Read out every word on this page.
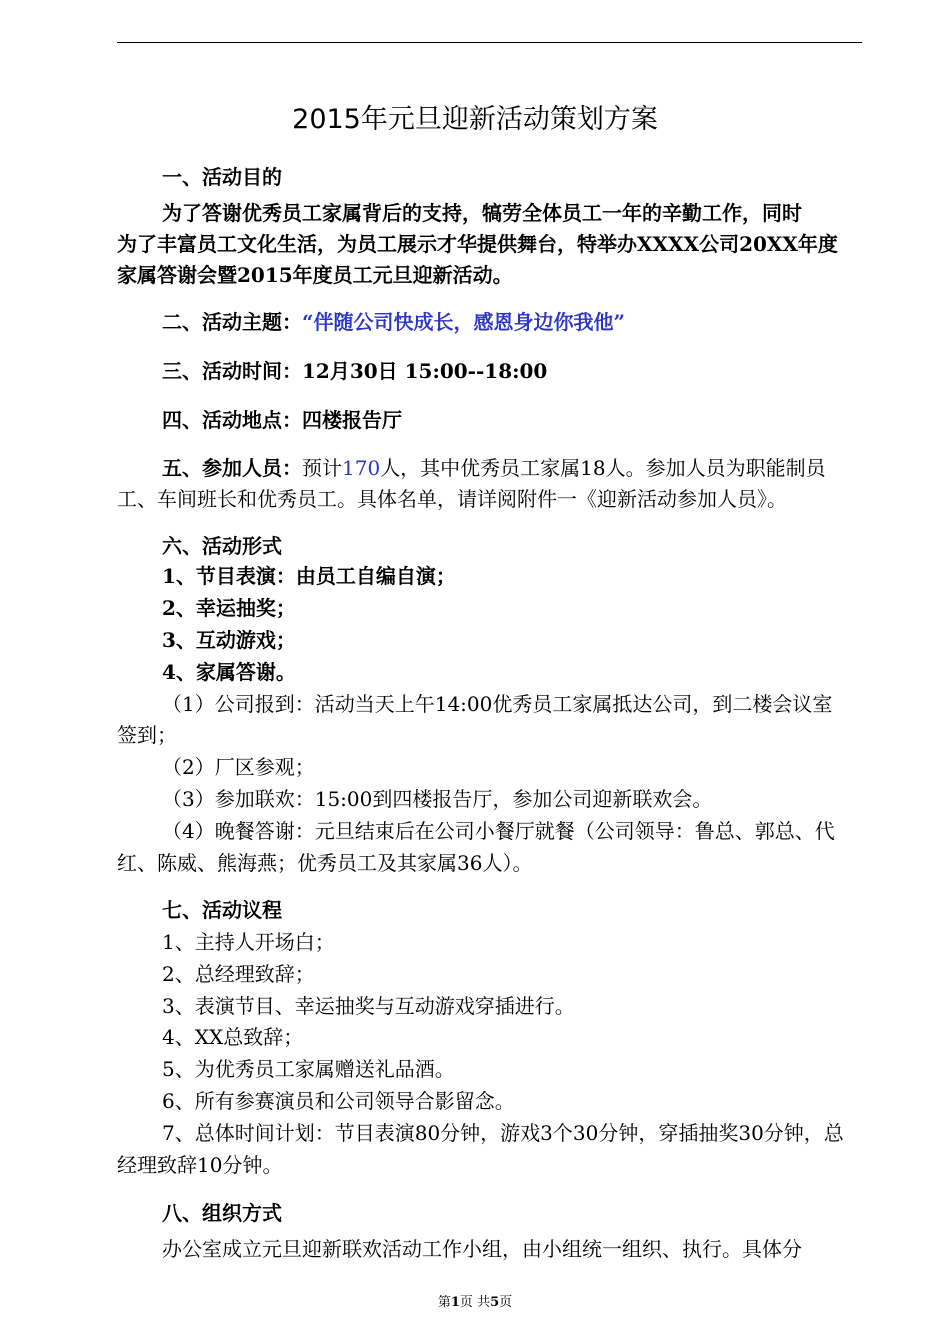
2015年元旦迎新活动策划方案
一、活动目的
为了答谢优秀员工家属背后的支持，犒劳全体员工一年的辛勤工作，同时
为了丰富员工文化生活，为员工展示才华提供舞台，特举办XXXX公司20XX年度
家属答谢会暨2015年度员工元旦迎新活动。
二、活动主题：“伴随公司快成长，感恩身边你我他”
三、活动时间：12月30日 15:00--18:00
四、活动地点：四楼报告厅
五、参加人员：预计170人，其中优秀员工家属18人。参加人员为职能制员
工、车间班长和优秀员工。具体名单，请详阅附件一《迎新活动参加人员》。
六、活动形式
1、节目表演：由员工自编自演；
2、幸运抽奖；
3、互动游戏；
4、家属答谢。
（1）公司报到：活动当天上午14:00优秀员工家属抵达公司，到二楼会议室
签到；
（2）厂区参观；
（3）参加联欢：15:00到四楼报告厅，参加公司迎新联欢会。
（4）晚餐答谢：元旦结束后在公司小餐厅就餐（公司领导：鲁总、郭总、代
红、陈威、熊海燕；优秀员工及其家属36人）。
七、活动议程
1、主持人开场白；
2、总经理致辞；
3、表演节目、幸运抽奖与互动游戏穿插进行。
4、XX总致辞；
5、为优秀员工家属赠送礼品酒。
6、所有参赛演员和公司领导合影留念。
7、总体时间计划：节目表演80分钟，游戏3个30分钟，穿插抽奖30分钟，总
经理致辞10分钟。
八、组织方式
办公室成立元旦迎新联欢活动工作小组，由小组统一组织、执行。具体分
第1页 共5页
